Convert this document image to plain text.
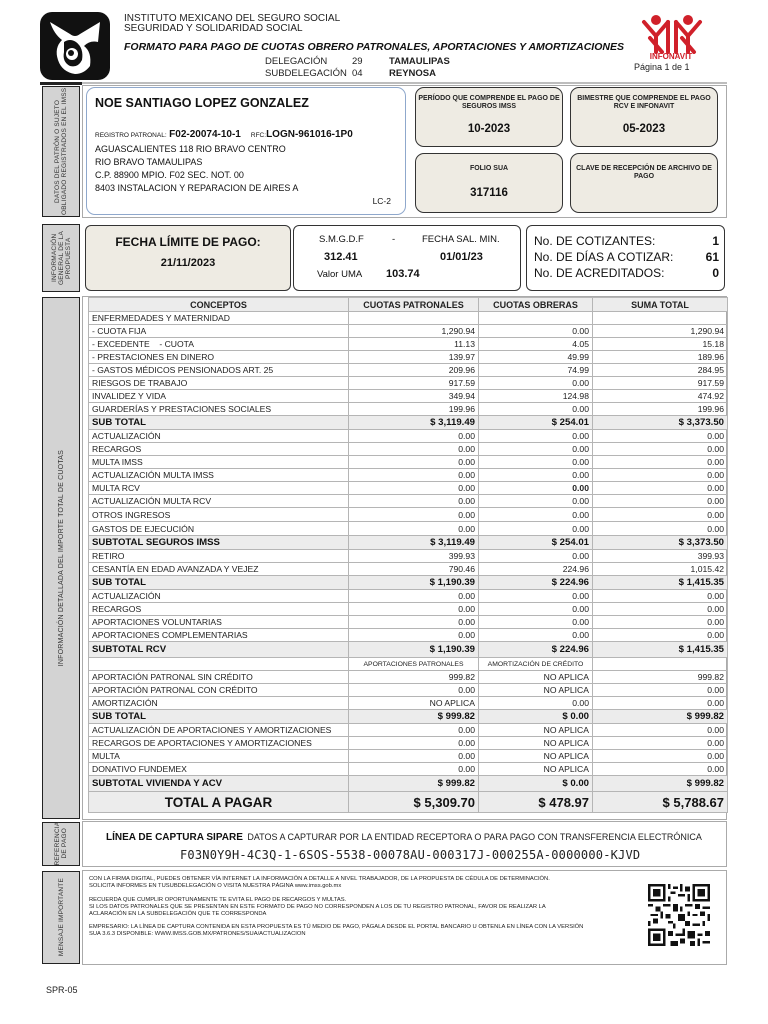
INSTITUTO MEXICANO DEL SEGURO SOCIAL
SEGURIDAD Y SOLIDARIDAD SOCIAL
FORMATO PARA PAGO DE CUOTAS OBRERO PATRONALES, APORTACIONES Y AMORTIZACIONES
DELEGACIÓN	29	TAMAULIPAS
SUBDELEGACIÓN 04	REYNOSA
INFONAVIT
Página 1 de 1
DATOS DEL PATRÓN O SUJETO OBLIGADO REGISTRADOS EN EL IMSS NOE SANTIAGO LOPEZ GONZALEZ
REGISTRO PATRONAL: F02-20074-10-1 RFC:LOGN-961016-1P0
AGUASCALIENTES 118 RIO BRAVO CENTRO
RIO BRAVO TAMAULIPAS
C.P. 88900 MPIO. F02 SEC. NOT. 00
8403 INSTALACION Y REPARACION DE AIRES A
LC-2
PERÍODO QUE COMPRENDE EL PAGO DE SEGUROS IMSS
10-2023
BIMESTRE QUE COMPRENDE EL PAGO RCV E INFONAVIT
05-2023
FOLIO SUA
317116
CLAVE DE RECEPCIÓN DE ARCHIVO DE PAGO
INFORMACIÓN GENERAL DE LA PROPUESTA	FECHA LÍMITE DE PAGO:
21/11/2023
S.M.G.D.F	-	FECHA SAL. MIN.
312.41	01/01/23
Valor UMA 103.74
No. DE COTIZANTES:	1
No. DE DÍAS A COTIZAR:	61
No. DE ACREDITADOS:	0
INFORMACIÓN DETALLADA DEL IMPORTE TOTAL DE CUOTAS
CONCEPTOS	CUOTAS PATRONALES	CUOTAS OBRERAS	SUMA TOTAL
ENFERMEDADES Y MATERNIDAD			
- CUOTA FIJA	1,290.94	0.00	1,290.94
- EXCEDENTE    - CUOTA	11.13	4.05	15.18
- PRESTACIONES EN DINERO	139.97	49.99	189.96
- GASTOS MÉDICOS PENSIONADOS ART. 25	209.96	74.99	284.95
RIESGOS DE TRABAJO	917.59	0.00	917.59
INVALIDEZ Y VIDA	349.94	124.98	474.92
GUARDERÍAS Y PRESTACIONES SOCIALES	199.96	0.00	199.96
SUB TOTAL	$ 3,119.49	$ 254.01	$ 3,373.50
ACTUALIZACIÓN	0.00	0.00	0.00
RECARGOS	0.00	0.00	0.00
MULTA IMSS	0.00	0.00	0.00
ACTUALIZACIÓN MULTA IMSS	0.00	0.00	0.00
MULTA RCV	0.00	0.00	0.00
ACTUALIZACIÓN MULTA RCV	0.00	0.00	0.00
OTROS INGRESOS	0.00	0.00	0.00
GASTOS DE EJECUCIÓN	0.00	0.00	0.00
SUBTOTAL SEGUROS IMSS	$ 3,119.49	$ 254.01	$ 3,373.50
RETIRO	399.93	0.00	399.93
CESANTÍA EN EDAD AVANZADA Y VEJEZ	790.46	224.96	1,015.42
SUB TOTAL	$ 1,190.39	$ 224.96	$ 1,415.35
ACTUALIZACIÓN	0.00	0.00	0.00
RECARGOS	0.00	0.00	0.00
APORTACIONES VOLUNTARIAS	0.00	0.00	0.00
APORTACIONES COMPLEMENTARIAS	0.00	0.00	0.00
SUBTOTAL RCV	$ 1,190.39	$ 224.96	$ 1,415.35
	APORTACIONES PATRONALES	AMORTIZACIÓN DE CRÉDITO	
APORTACIÓN PATRONAL SIN CRÉDITO	999.82	NO APLICA	999.82
APORTACIÓN PATRONAL CON CRÉDITO	0.00	NO APLICA	0.00
AMORTIZACIÓN	NO APLICA	0.00	0.00
SUB TOTAL	$ 999.82	$ 0.00	$ 999.82
ACTUALIZACIÓN DE APORTACIONES Y AMORTIZACIONES	0.00	NO APLICA	0.00
RECARGOS DE APORTACIONES Y AMORTIZACIONES	0.00	NO APLICA	0.00
MULTA	0.00	NO APLICA	0.00
DONATIVO FUNDEMEX	0.00	NO APLICA	0.00
SUBTOTAL VIVIENDA Y ACV	$ 999.82	$ 0.00	$ 999.82
TOTAL A PAGAR	$ 5,309.70	$ 478.97	$ 5,788.67
REFERENCIA DE PAGO	LÍNEA DE CAPTURA SIPARE DATOS A CAPTURAR POR LA ENTIDAD RECEPTORA O PARA PAGO CON TRANSFERENCIA ELECTRÓNICA
F03N0Y9H-4C3Q-1-6SOS-5538-00078AU-000317J-000255A-0000000-KJVD
MENSAJE IMPORTANTE	CON LA FIRMA DIGITAL, PUEDES OBTENER VÍA INTERNET LA INFORMACIÓN A DETALLE A NIVEL TRABAJADOR, DE LA PROPUESTA DE CÉDULA DE DETERMINACIÓN.
SOLICITA INFORMES EN TUSUBDELEGACIÓN O VISITA NUESTRA PÁGINA www.imss.gob.mx
RECUERDA QUE CUMPLIR OPORTUNAMENTE TE EVITA EL PAGO DE RECARGOS Y MULTAS.
SI LOS DATOS PATRONALES QUE SE PRESENTAN EN ESTE FORMATO DE PAGO NO CORRESPONDEN A LOS DE TU REGISTRO PATRONAL, FAVOR DE REALIZAR LA
ACLARACIÓN EN LA SUBDELEGACIÓN QUE TE CORRESPONDA
EMPRESARIO: LA LÍNEA DE CAPTURA CONTENIDA EN ESTA PROPUESTA ES TÚ MEDIO DE PAGO, PÁGALA DESDE EL PORTAL BANCARIO U OBTENLA EN LÍNEA CON LA VERSIÓN
SUA 3.6.3 DISPONIBLE: WWW.IMSS.GOB.MX/PATRONES/SUA/ACTUALIZACION
SPR-05
